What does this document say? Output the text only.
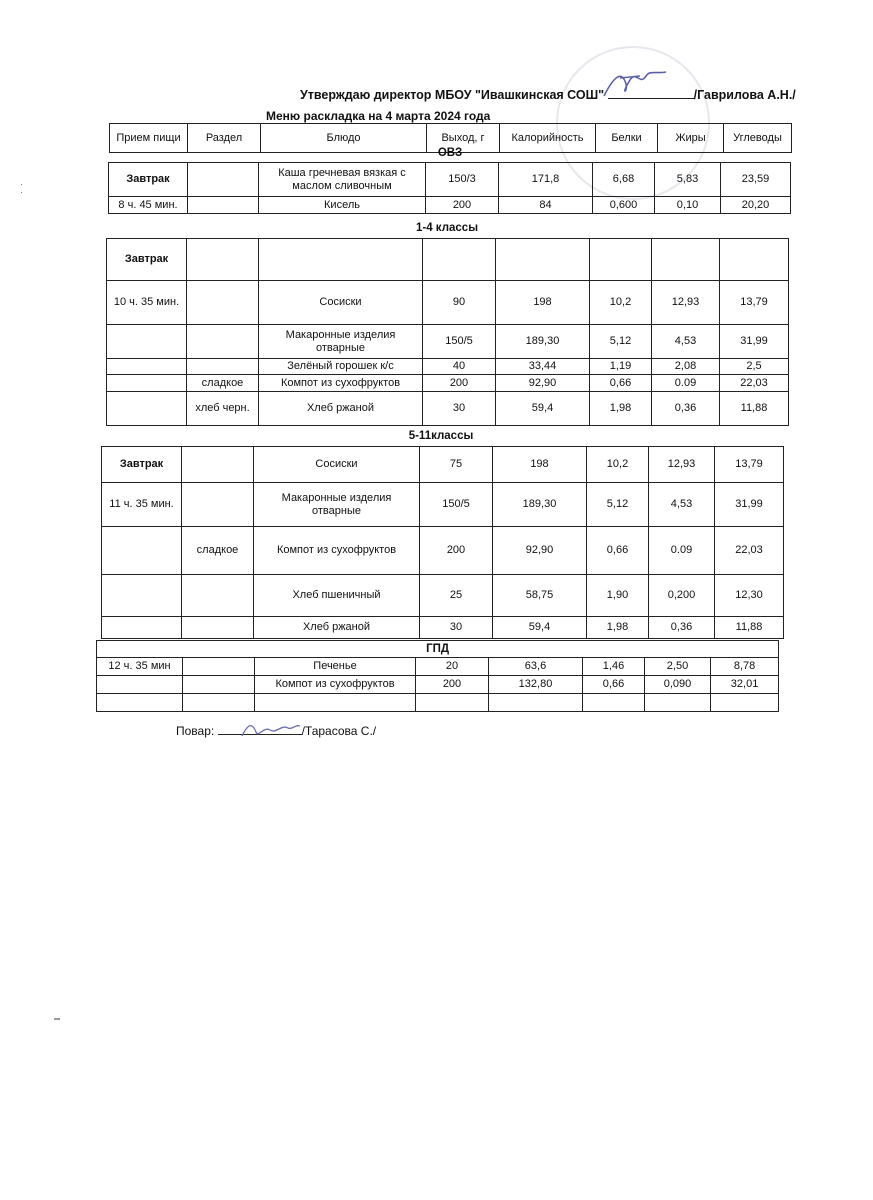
·
·
Утверждаю директор МБОУ "Ивашкинская СОШ"	/Гаврилова А.Н./
Меню раскладка на 4 марта 2024 года
Прием пищи	Раздел	Блюдо	Выход, г	Калорийность	Белки	Жиры	Углеводы
ОВЗ
Завтрак		Каша гречневая вязкая с маслом сливочным	150/3	171,8	6,68	5,83	23,59
8 ч. 45 мин.		Кисель	200	84	0,600	0,10	20,20
1-4 классы
Завтрак							
10 ч. 35 мин.		Сосиски	90	198	10,2	12,93	13,79
		Макаронные изделия отварные	150/5	189,30	5,12	4,53	31,99
		Зелёный горошек к/с	40	33,44	1,19	2,08	2,5
	сладкое	Компот из сухофруктов	200	92,90	0,66	0.09	22,03
	хлеб черн.	Хлеб ржаной	30	59,4	1,98	0,36	11,88
5-11классы
Завтрак		Сосиски	75	198	10,2	12,93	13,79
11 ч. 35 мин.		Макаронные изделия отварные	150/5	189,30	5,12	4,53	31,99
	сладкое	Компот из сухофруктов	200	92,90	0,66	0.09	22,03
		Хлеб пшеничный	25	58,75	1,90	0,200	12,30
		Хлеб ржаной	30	59,4	1,98	0,36	11,88
ГПД							
12 ч. 35 мин		Печенье	20	63,6	1,46	2,50	8,78
		Компот из сухофруктов	200	132,80	0,66	0,090	32,01

Повар:	/Тарасова С./
